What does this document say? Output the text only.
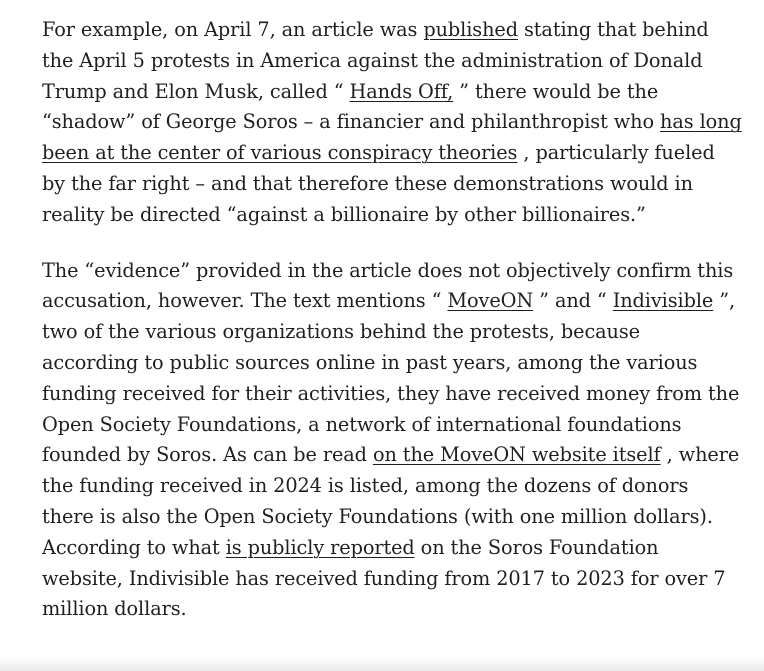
For example, on April 7, an article was published stating that behind the April 5 protests in America against the administration of Donald Trump and Elon Musk, called “ Hands Off, ” there would be the “shadow” of George Soros – a financier and philanthropist who has long been at the center of various conspiracy theories , particularly fueled by the far right – and that therefore these demonstrations would in reality be directed “against a billionaire by other billionaires.”

The “evidence” provided in the article does not objectively confirm this accusation, however. The text mentions “ MoveON ” and “ Indivisible ”, two of the various organizations behind the protests, because according to public sources online in past years, among the various funding received for their activities, they have received money from the Open Society Foundations, a network of international foundations founded by Soros. As can be read on the MoveON website itself , where the funding received in 2024 is listed, among the dozens of donors there is also the Open Society Foundations (with one million dollars). According to what is publicly reported on the Soros Foundation website, Indivisible has received funding from 2017 to 2023 for over 7 million dollars.
